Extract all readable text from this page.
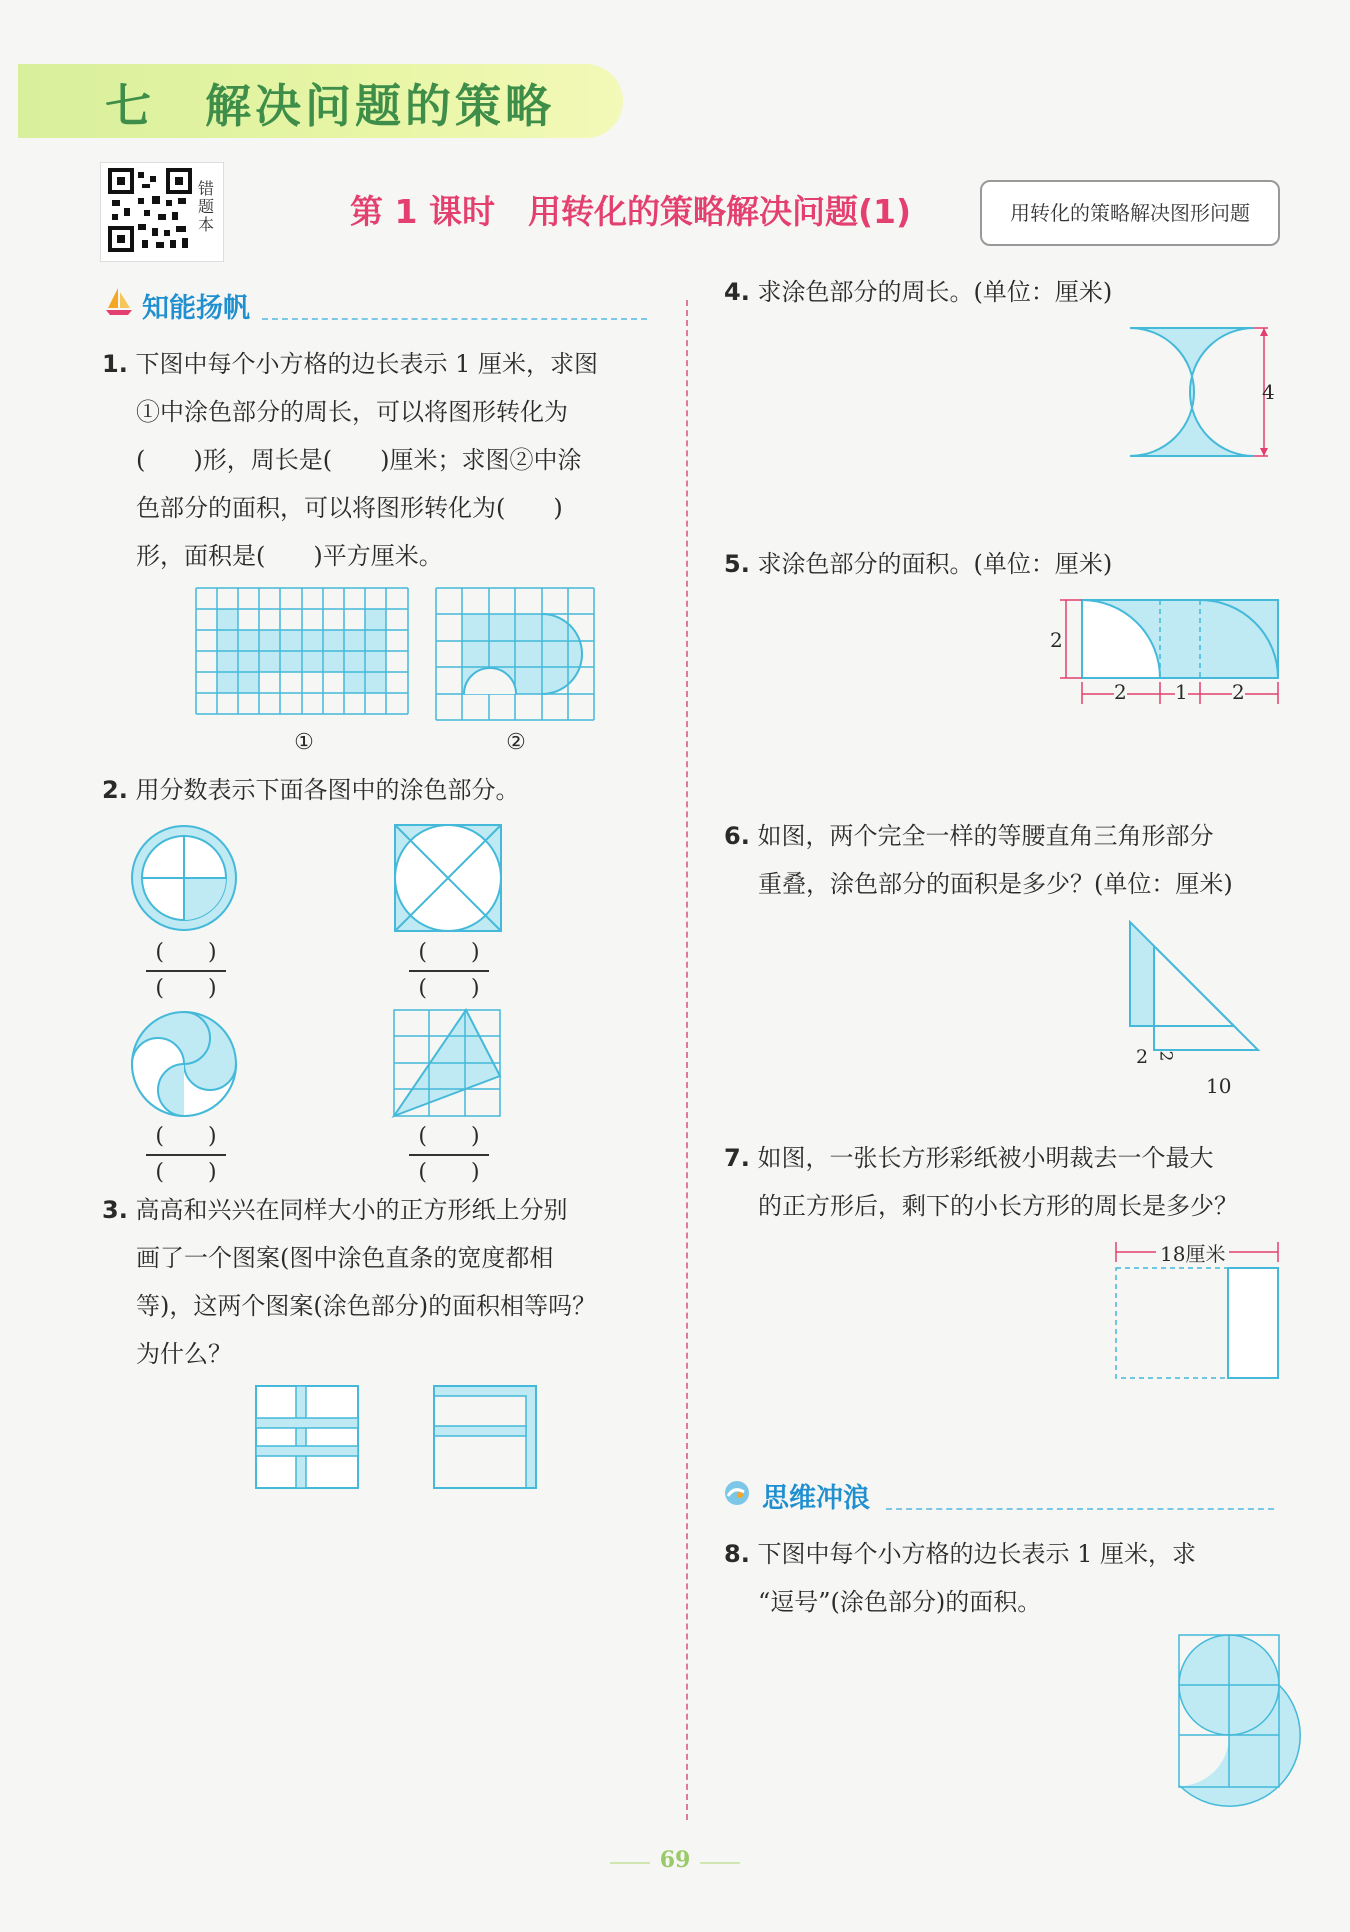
七　解决问题的策略
错题本	第 1 课时　用转化的策略解决问题(1)	用转化的策略解决图形问题
知能扬帆
1. 下图中每个小方格的边长表示 1 厘米，求图
①中涂色部分的周长，可以将图形转化为
(　　)形，周长是(　　)厘米；求图②中涂
色部分的面积，可以将图形转化为(　　)
形，面积是(　　)平方厘米。
①	②
2. 用分数表示下面各图中的涂色部分。
(　　)
(　　)
(　　)
(　　)
(　　)
(　　)
(　　)
(　　)
3. 高高和兴兴在同样大小的正方形纸上分别
画了一个图案(图中涂色直条的宽度都相
等)，这两个图案(涂色部分)的面积相等吗？
为什么？
4. 求涂色部分的周长。(单位：厘米)
4
5. 求涂色部分的面积。(单位：厘米)
2
2 1 2
6. 如图，两个完全一样的等腰直角三角形部分
重叠，涂色部分的面积是多少？(单位：厘米)
2 2
10
7. 如图，一张长方形彩纸被小明裁去一个最大
的正方形后，剩下的小长方形的周长是多少？
18厘米
思维冲浪
8. 下图中每个小方格的边长表示 1 厘米，求
“逗号”(涂色部分)的面积。
69
